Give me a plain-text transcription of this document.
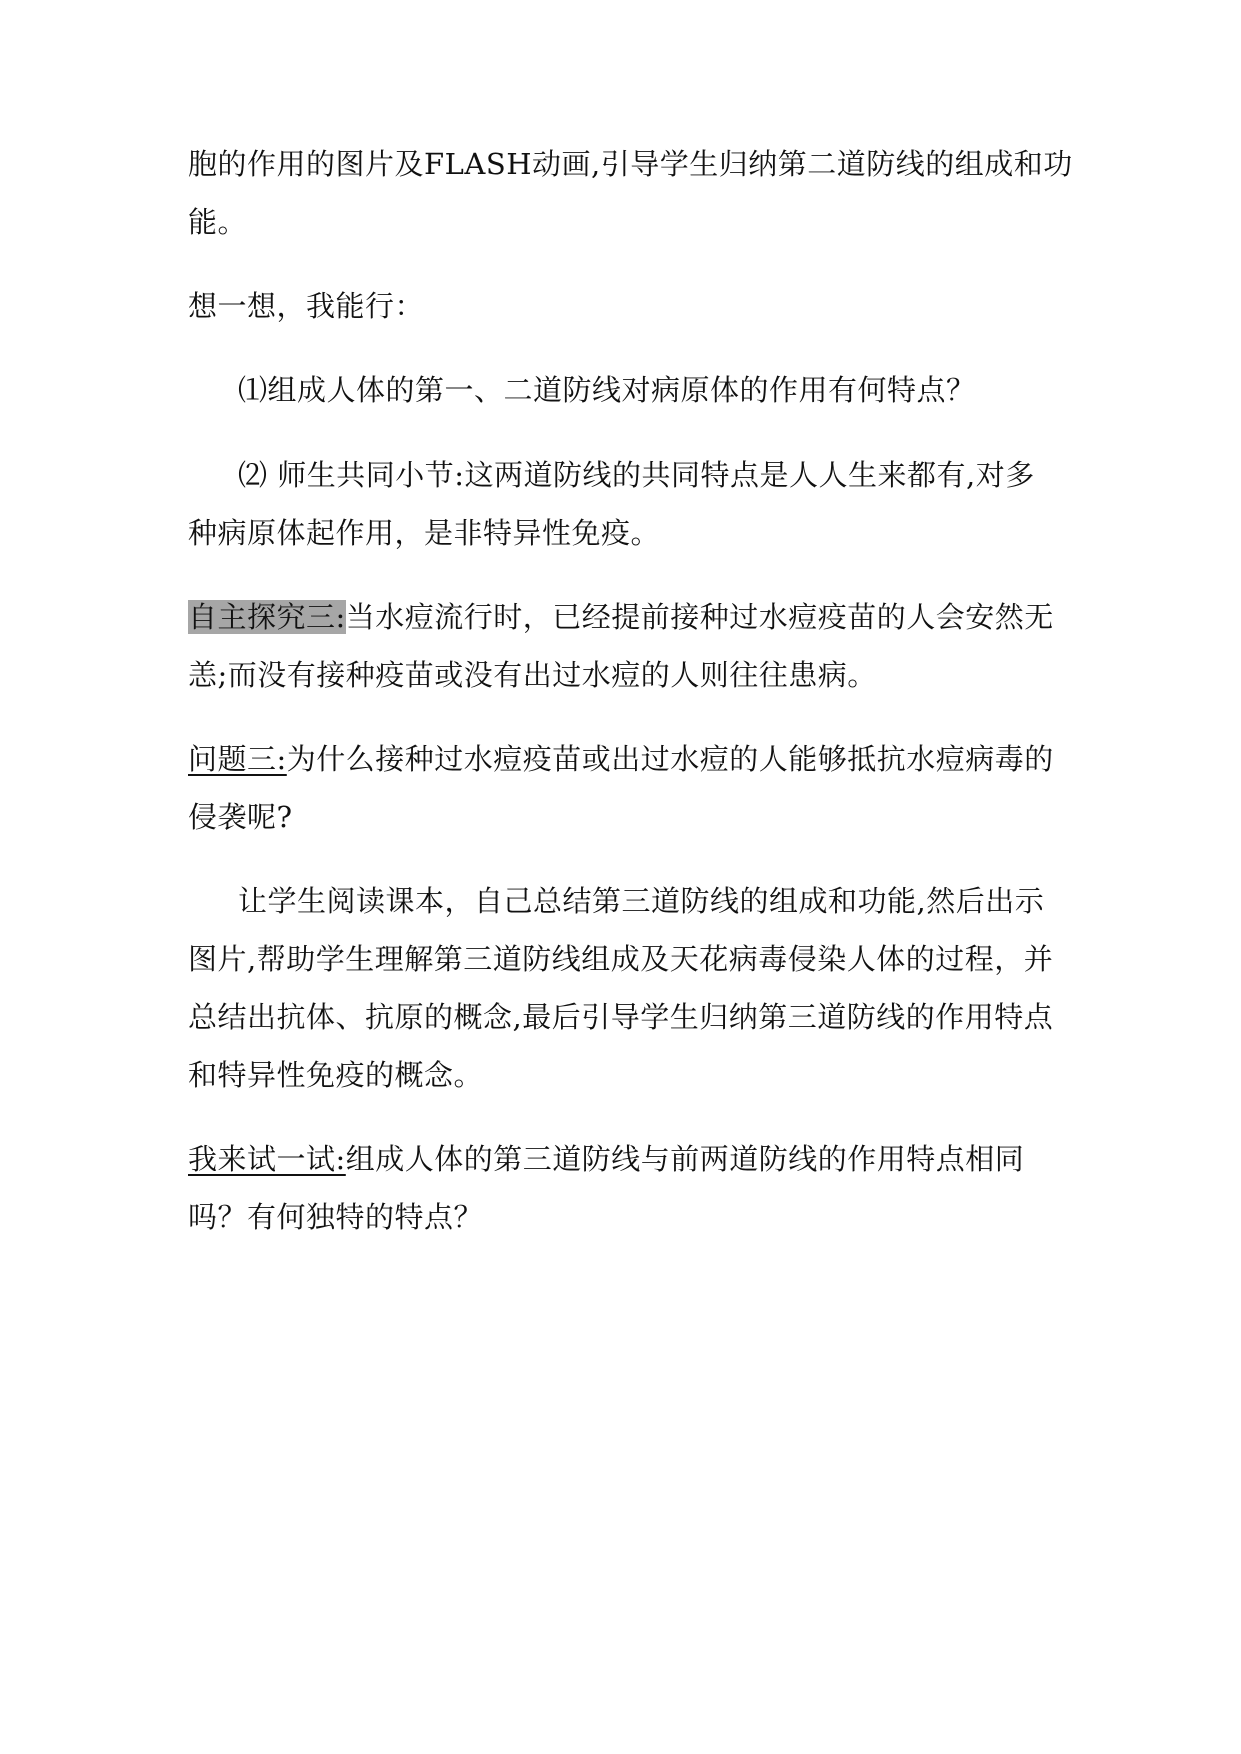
胞的作用的图片及FLASH动画,引导学生归纳第二道防线的组成和功
能。
想一想，我能行：
⑴组成人体的第一、二道防线对病原体的作用有何特点？
⑵ 师生共同小节:这两道防线的共同特点是人人生来都有,对多
种病原体起作用，是非特异性免疫。
自主探究三:当水痘流行时，已经提前接种过水痘疫苗的人会安然无
恙;而没有接种疫苗或没有出过水痘的人则往往患病。
问题三:为什么接种过水痘疫苗或出过水痘的人能够抵抗水痘病毒的
侵袭呢?
让学生阅读课本，自己总结第三道防线的组成和功能,然后出示
图片,帮助学生理解第三道防线组成及天花病毒侵染人体的过程，并
总结出抗体、抗原的概念,最后引导学生归纳第三道防线的作用特点
和特异性免疫的概念。
我来试一试:组成人体的第三道防线与前两道防线的作用特点相同
吗？有何独特的特点？
